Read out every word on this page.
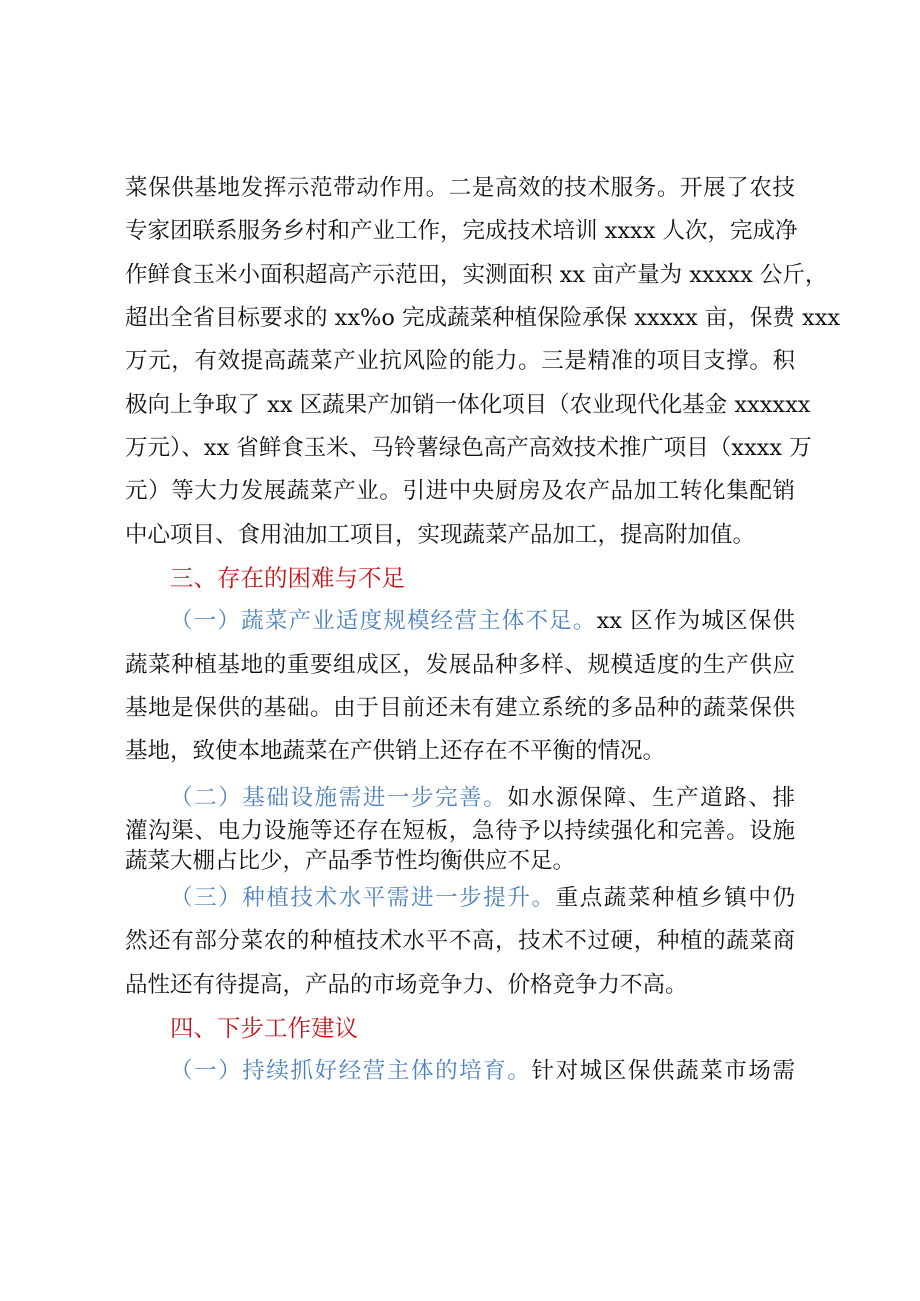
菜保供基地发挥示范带动作用。二是高效的技术服务。开展了农技
专家团联系服务乡村和产业工作，完成技术培训 xxxx 人次，完成净
作鲜食玉米小面积超高产示范田，实测面积 xx 亩产量为 xxxxx 公斤，
超出全省目标要求的 xx%o 完成蔬菜种植保险承保 xxxxx 亩，保费 xxx
万元，有效提高蔬菜产业抗风险的能力。三是精准的项目支撑。积
极向上争取了 xx 区蔬果产加销一体化项目（农业现代化基金 xxxxxx
万元）、xx 省鲜食玉米、马铃薯绿色高产高效技术推广项目（xxxx 万
元）等大力发展蔬菜产业。引进中央厨房及农产品加工转化集配销
中心项目、食用油加工项目，实现蔬菜产品加工，提高附加值。
三、存在的困难与不足
（一）蔬菜产业适度规模经营主体不足。xx 区作为城区保供
蔬菜种植基地的重要组成区，发展品种多样、规模适度的生产供应
基地是保供的基础。由于目前还未有建立系统的多品种的蔬菜保供
基地，致使本地蔬菜在产供销上还存在不平衡的情况。
（二）基础设施需进一步完善。如水源保障、生产道路、排
灌沟渠、电力设施等还存在短板，急待予以持续强化和完善。设施
蔬菜大棚占比少，产品季节性均衡供应不足。
（三）种植技术水平需进一步提升。重点蔬菜种植乡镇中仍
然还有部分菜农的种植技术水平不高，技术不过硬，种植的蔬菜商
品性还有待提高，产品的市场竞争力、价格竞争力不高。
四、下步工作建议
（一）持续抓好经营主体的培育。针对城区保供蔬菜市场需
